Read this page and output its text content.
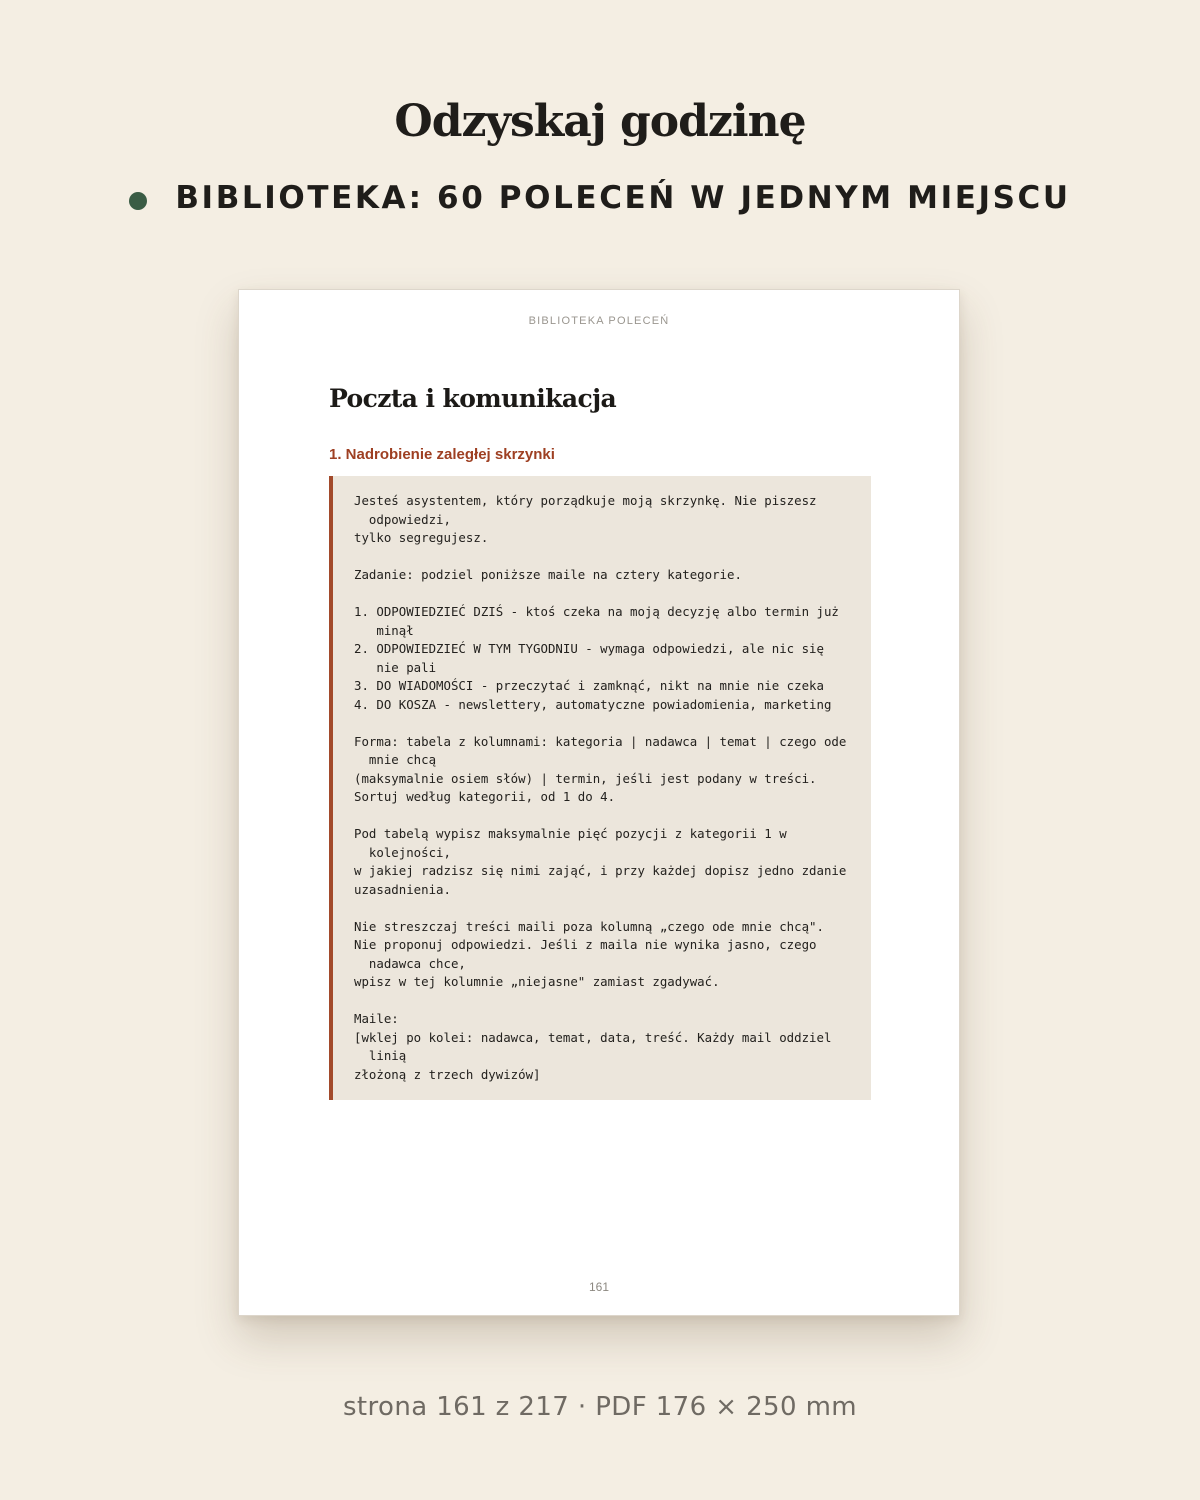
Odzyskaj godzinę
BIBLIOTEKA: 60 POLECEŃ W JEDNYM MIEJSCU
BIBLIOTEKA POLECEŃ
Poczta i komunikacja
1. Nadrobienie zaległej skrzynki
Jesteś asystentem, który porządkuje moją skrzynkę. Nie piszesz
odpowiedzi,
tylko segregujesz.

Zadanie: podziel poniższe maile na cztery kategorie.

1. ODPOWIEDZIEĆ DZIŚ - ktoś czeka na moją decyzję albo termin już
minął
2. ODPOWIEDZIEĆ W TYM TYGODNIU - wymaga odpowiedzi, ale nic się
nie pali
3. DO WIADOMOŚCI - przeczytać i zamknąć, nikt na mnie nie czeka
4. DO KOSZA - newslettery, automatyczne powiadomienia, marketing

Forma: tabela z kolumnami: kategoria | nadawca | temat | czego ode
mnie chcą
(maksymalnie osiem słów) | termin, jeśli jest podany w treści.
Sortuj według kategorii, od 1 do 4.

Pod tabelą wypisz maksymalnie pięć pozycji z kategorii 1 w
kolejności,
w jakiej radzisz się nimi zająć, i przy każdej dopisz jedno zdanie
uzasadnienia.

Nie streszczaj treści maili poza kolumną „czego ode mnie chcą".
Nie proponuj odpowiedzi. Jeśli z maila nie wynika jasno, czego
nadawca chce,
wpisz w tej kolumnie „niejasne" zamiast zgadywać.

Maile:
[wklej po kolei: nadawca, temat, data, treść. Każdy mail oddziel
linią
złożoną z trzech dywizów]
161
strona 161 z 217 · PDF 176 × 250 mm
